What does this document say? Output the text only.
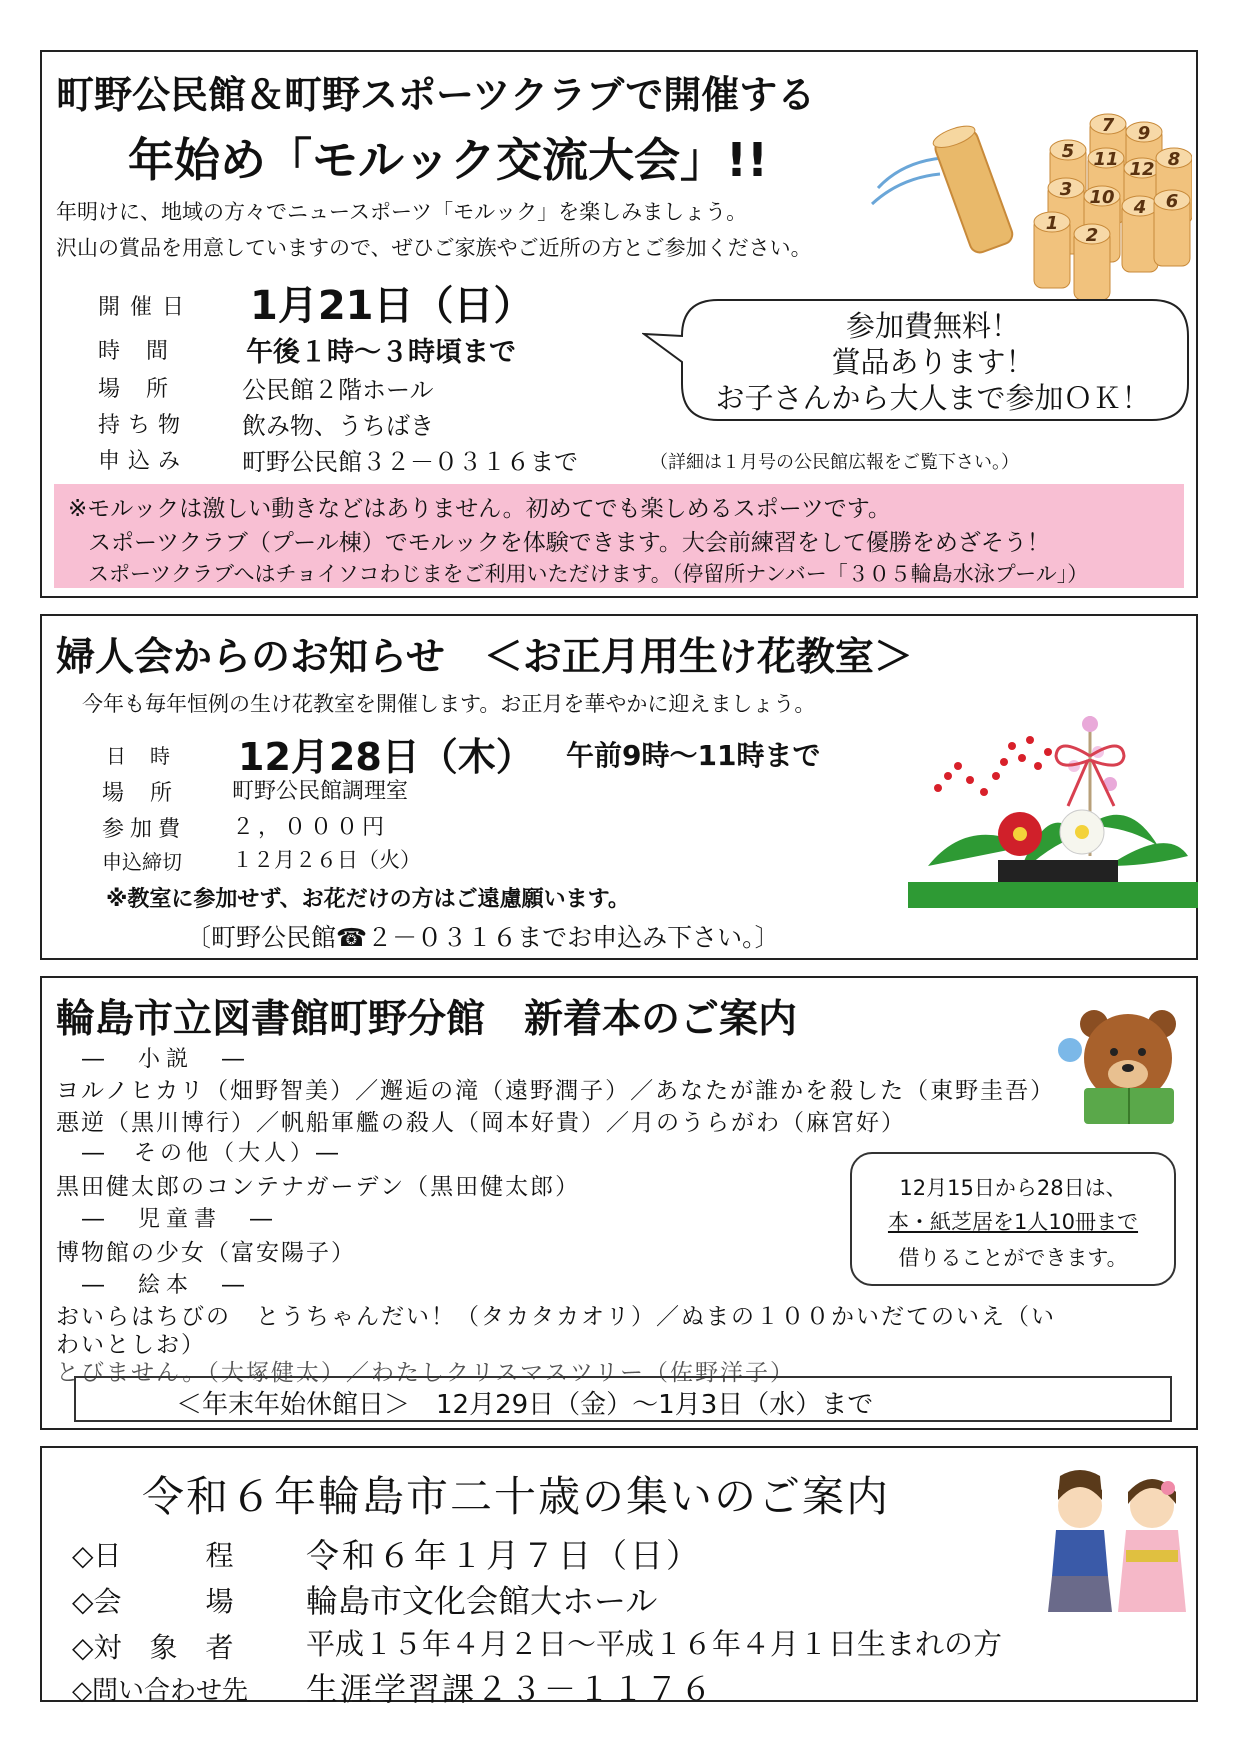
町野公民館＆町野スポーツクラブで開催する
年始め「モルック交流大会」!!
年明けに、地域の方々でニュースポーツ「モルック」を楽しみましょう。
沢山の賞品を用意していますので、ぜひご家族やご近所の方とご参加ください。
7 9
5 11 12 8
3 10 4 6
1
2
開催日 1月21日（日）
時　間	午後１時～３時頃まで
場　所	公民館２階ホール
持ち物 飲み物、うちばき
申込み 町野公民館３２－０３１６まで	（詳細は１月号の公民館広報をご覧下さい。）
※モルックは激しい動きなどはありません。初めてでも楽しめるスポーツです。
スポーツクラブ（プール棟）でモルックを体験できます。大会前練習をして優勝をめざそう！
スポーツクラブへはチョイソコわじまをご利用いただけます。（停留所ナンバー「３０５輪島水泳プール」）
参加費無料！
賞品あります！
お子さんから大人まで参加ＯＫ！
婦人会からのお知らせ　＜お正月用生け花教室＞
今年も毎年恒例の生け花教室を開催します。お正月を華やかに迎えましょう。
日　時 12月28日（木） 午前9時～11時まで
場　所	町野公民館調理室
参加費 ２，０００円
申込締切 １２月２６日（火）
※教室に参加せず、お花だけの方はご遠慮願います。
〔町野公民館☎２－０３１６までお申込み下さい。〕
輪島市立図書館町野分館　新着本のご案内
―　小説　―
ヨルノヒカリ（畑野智美）／邂逅の滝（遠野潤子）／あなたが誰かを殺した（東野圭吾）
悪逆（黒川博行）／帆船軍艦の殺人（岡本好貴）／月のうらがわ（麻宮好）
―　その他（大人）―
黒田健太郎のコンテナガーデン（黒田健太郎）
―　児童書　―
博物館の少女（富安陽子）
―　絵本　―
おいらはちびの　とうちゃんだい！（タカタカオリ）／ぬまの１００かいだてのいえ（い
わいとしお）
とびません。（大塚健太）／わたしクリスマスツリー（佐野洋子）
12月15日から28日は、
本・紙芝居を1人10冊まで
借りることができます。
＜年末年始休館日＞　12月29日（金）～1月3日（水）まで
令和６年輪島市二十歳の集いのご案内
◇日　　　程 令和６年１月７日（日）
◇会　　　場 輪島市文化会館大ホール
◇対　象　者 平成１５年４月２日～平成１６年４月１日生まれの方
◇問い合わせ先 生涯学習課２３－１１７６
